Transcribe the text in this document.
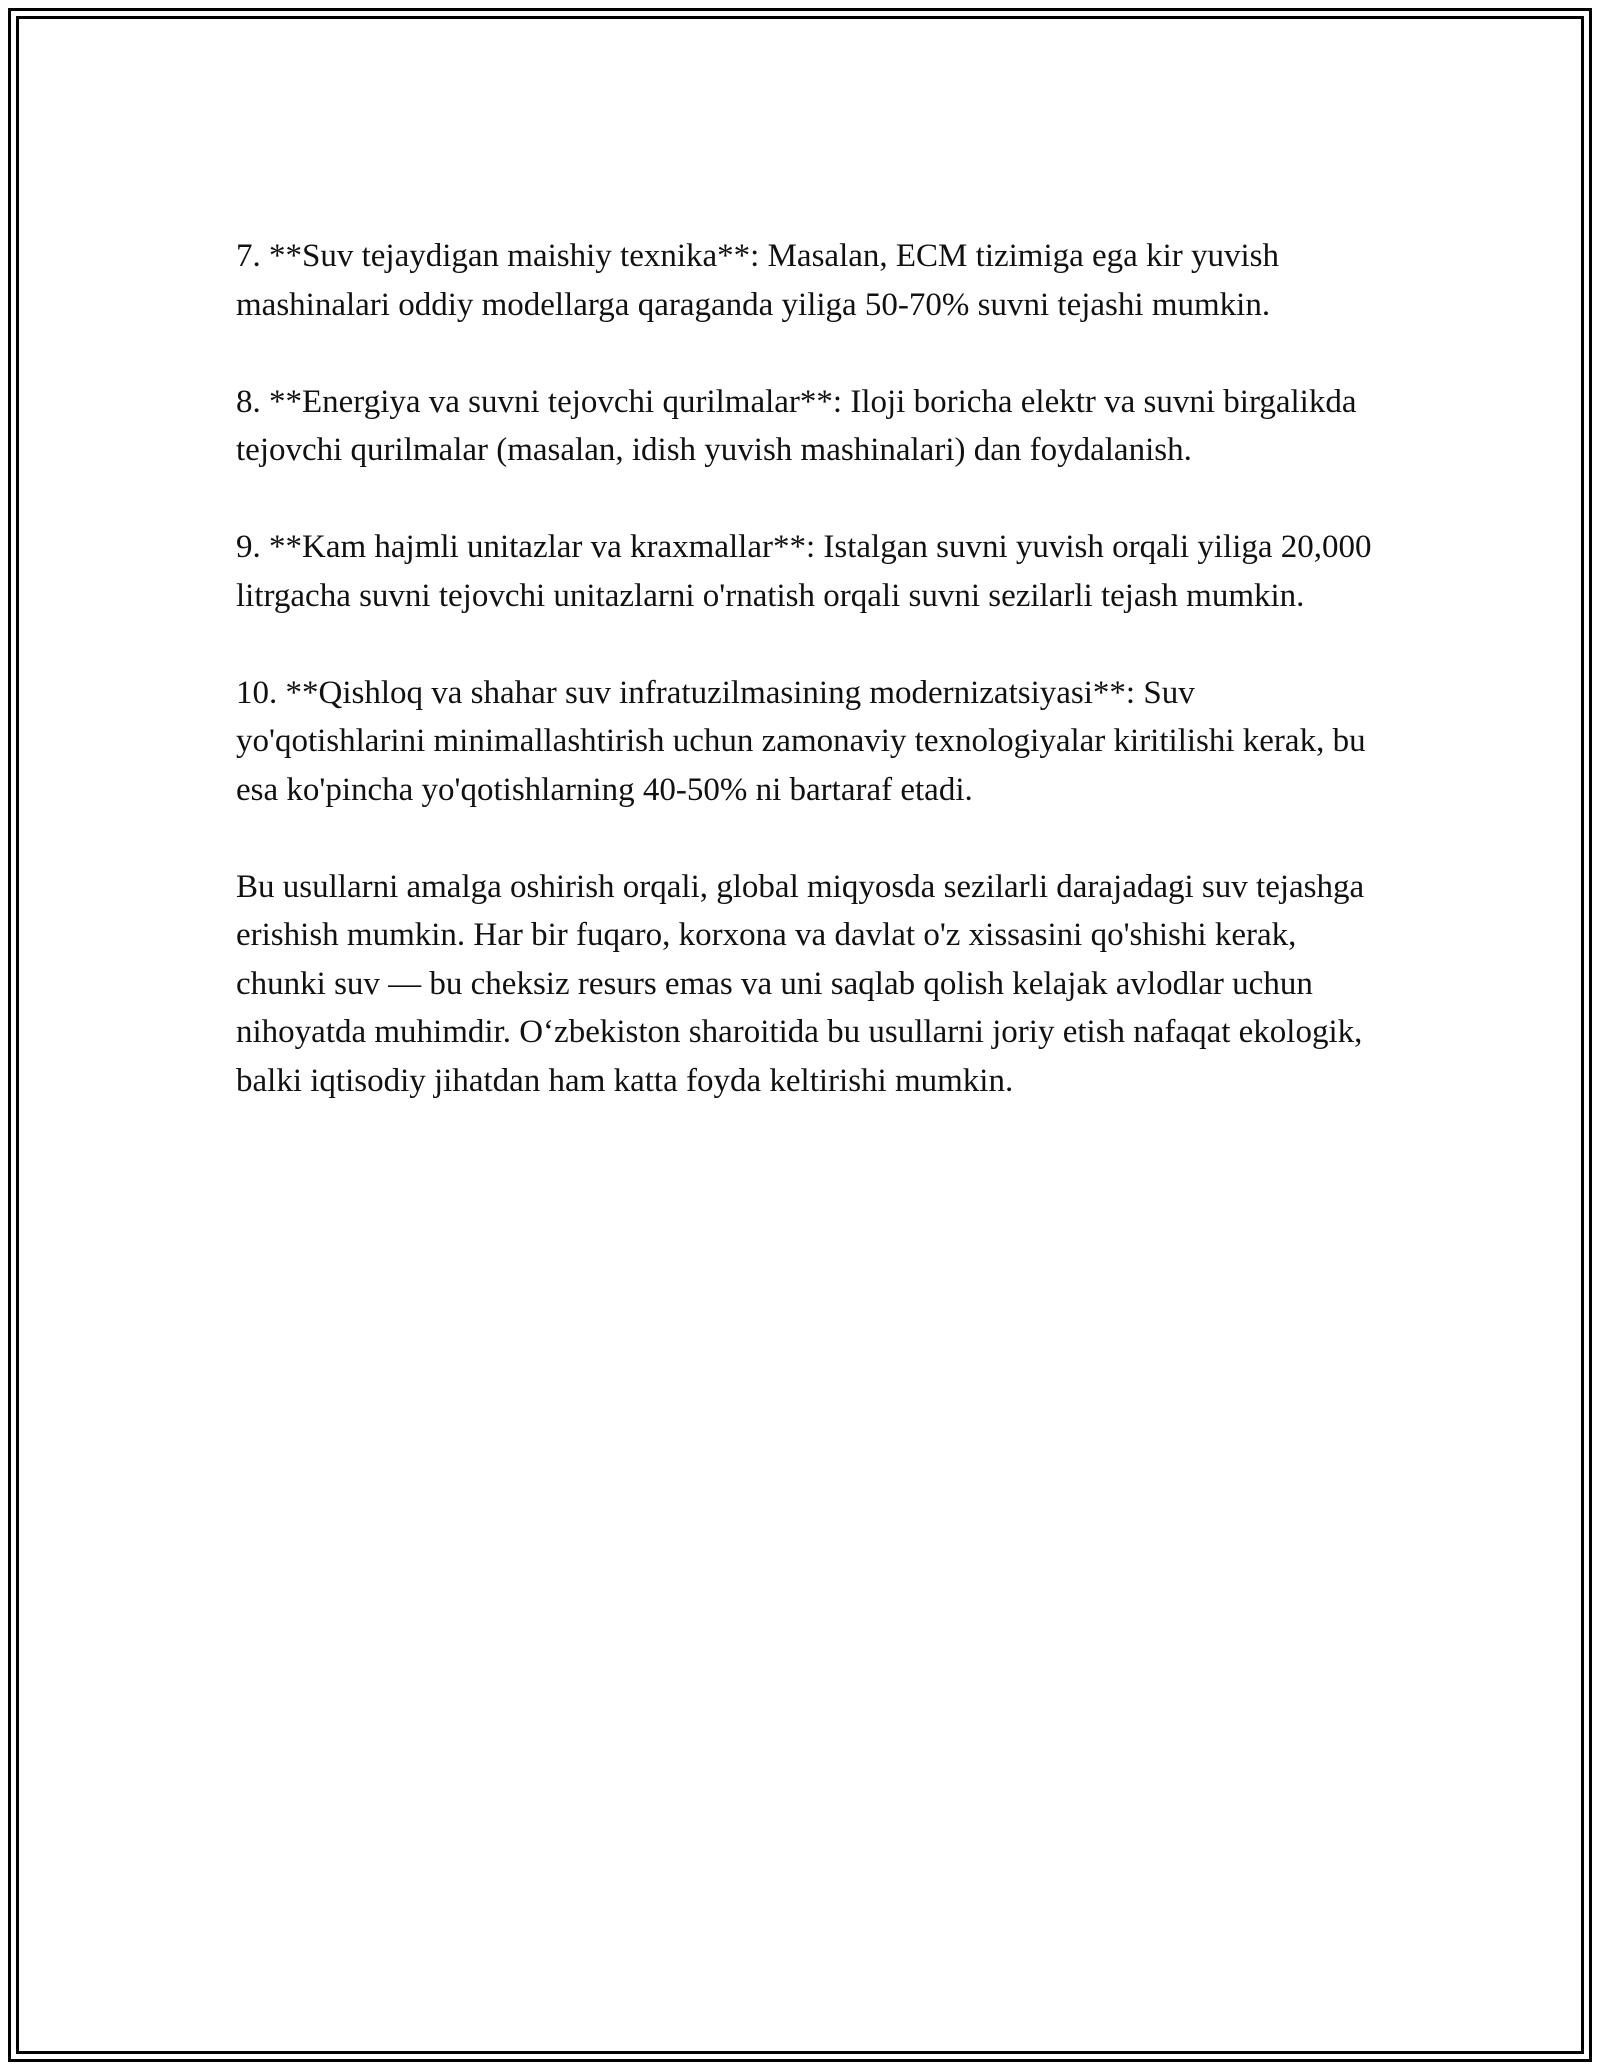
7. **Suv tejaydigan maishiy texnika**: Masalan, ECM tizimiga ega kir yuvish mashinalari oddiy modellarga qaraganda yiliga 50-70% suvni tejashi mumkin.

8. **Energiya va suvni tejovchi qurilmalar**: Iloji boricha elektr va suvni birgalikda tejovchi qurilmalar (masalan, idish yuvish mashinalari) dan foydalanish.

9. **Kam hajmli unitazlar va kraxmallar**: Istalgan suvni yuvish orqali yiliga 20,000 litrgacha suvni tejovchi unitazlarni o'rnatish orqali suvni sezilarli tejash mumkin.

10. **Qishloq va shahar suv infratuzilmasining modernizatsiyasi**: Suv yo'qotishlarini minimallashtirish uchun zamonaviy texnologiyalar kiritilishi kerak, bu esa ko'pincha yo'qotishlarning 40-50% ni bartaraf etadi.

Bu usullarni amalga oshirish orqali, global miqyosda sezilarli darajadagi suv tejashga erishish mumkin. Har bir fuqaro, korxona va davlat o'z xissasini qo'shishi kerak, chunki suv — bu cheksiz resurs emas va uni saqlab qolish kelajak avlodlar uchun nihoyatda muhimdir. O‘zbekiston sharoitida bu usullarni joriy etish nafaqat ekologik, balki iqtisodiy jihatdan ham katta foyda keltirishi mumkin.
